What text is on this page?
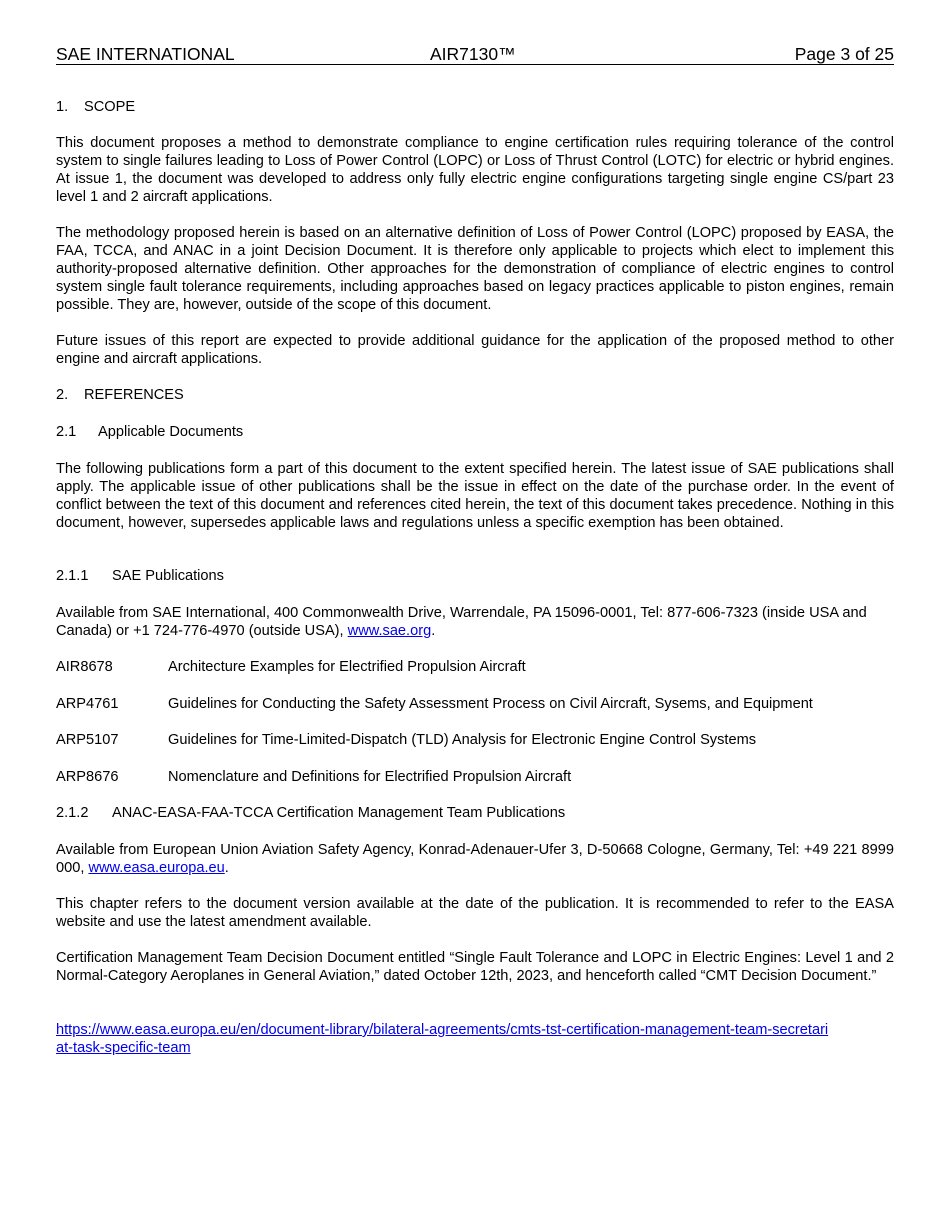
SAE INTERNATIONAL	AIR7130™	Page 3 of 25
1. SCOPE
This document proposes a method to demonstrate compliance to engine certification rules requiring tolerance of the control system to single failures leading to Loss of Power Control (LOPC) or Loss of Thrust Control (LOTC) for electric or hybrid engines. At issue 1, the document was developed to address only fully electric engine configurations targeting single engine CS/part 23 level 1 and 2 aircraft applications.
The methodology proposed herein is based on an alternative definition of Loss of Power Control (LOPC) proposed by EASA, the FAA, TCCA, and ANAC in a joint Decision Document. It is therefore only applicable to projects which elect to implement this authority-proposed alternative definition. Other approaches for the demonstration of compliance of electric engines to control system single fault tolerance requirements, including approaches based on legacy practices applicable to piston engines, remain possible. They are, however, outside of the scope of this document.
Future issues of this report are expected to provide additional guidance for the application of the proposed method to other engine and aircraft applications.
2. REFERENCES
2.1 Applicable Documents
The following publications form a part of this document to the extent specified herein. The latest issue of SAE publications shall apply. The applicable issue of other publications shall be the issue in effect on the date of the purchase order. In the event of conflict between the text of this document and references cited herein, the text of this document takes precedence. Nothing in this document, however, supersedes applicable laws and regulations unless a specific exemption has been obtained.
2.1.1 SAE Publications
Available from SAE International, 400 Commonwealth Drive, Warrendale, PA 15096-0001, Tel: 877-606-7323 (inside USA and Canada) or +1 724-776-4970 (outside USA), www.sae.org.
AIR8678	Architecture Examples for Electrified Propulsion Aircraft
ARP4761	Guidelines for Conducting the Safety Assessment Process on Civil Aircraft, Sysems, and Equipment
ARP5107	Guidelines for Time-Limited-Dispatch (TLD) Analysis for Electronic Engine Control Systems
ARP8676	Nomenclature and Definitions for Electrified Propulsion Aircraft
2.1.2 ANAC-EASA-FAA-TCCA Certification Management Team Publications
Available from European Union Aviation Safety Agency, Konrad-Adenauer-Ufer 3, D-50668 Cologne, Germany, Tel: +49 221 8999 000, www.easa.europa.eu.
This chapter refers to the document version available at the date of the publication. It is recommended to refer to the EASA website and use the latest amendment available.
Certification Management Team Decision Document entitled “Single Fault Tolerance and LOPC in Electric Engines: Level 1 and 2 Normal-Category Aeroplanes in General Aviation,” dated October 12th, 2023, and henceforth called “CMT Decision Document.”
https://www.easa.europa.eu/en/document-library/bilateral-agreements/cmts-tst-certification-management-team-secretariat-task-specific-team
